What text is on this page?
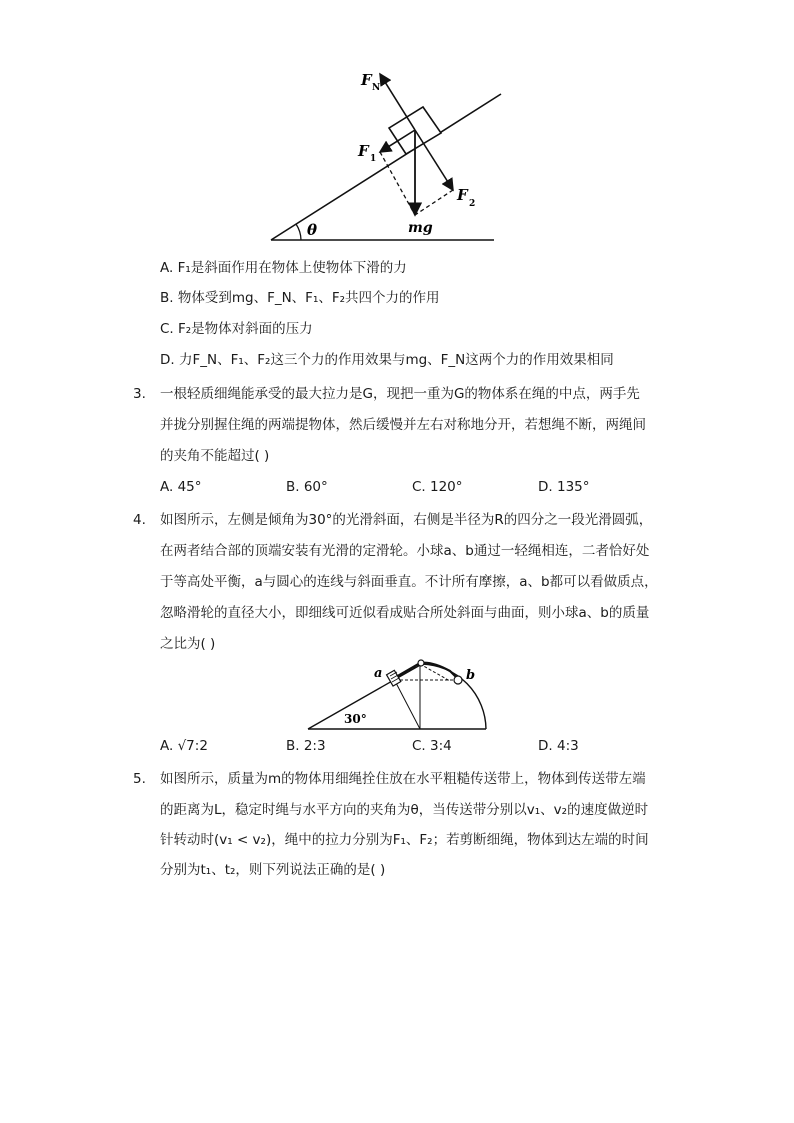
F N
F 1
F 2
mg
θ
A. F₁是斜面作用在物体上使物体下滑的力
B. 物体受到mg、F_N、F₁、F₂共四个力的作用
C. F₂是物体对斜面的压力
D. 力F_N、F₁、F₂这三个力的作用效果与mg、F_N这两个力的作用效果相同
3. 一根轻质细绳能承受的最大拉力是G，现把一重为G的物体系在绳的中点，两手先
并拢分别握住绳的两端提物体，然后缓慢并左右对称地分开，若想绳不断，两绳间
的夹角不能超过( )
A. 45°	B. 60°	C. 120°	D. 135°
4. 如图所示，左侧是倾角为30°的光滑斜面，右侧是半径为R的四分之一段光滑圆弧，
在两者结合部的顶端安装有光滑的定滑轮。小球a、b通过一轻绳相连，二者恰好处
于等高处平衡，a与圆心的连线与斜面垂直。不计所有摩擦，a、b都可以看做质点，
忽略滑轮的直径大小，即细线可近似看成贴合所处斜面与曲面，则小球a、b的质量
之比为( )
a	b
30°
A. √7:2	B. 2:3	C. 3:4	D. 4:3
5. 如图所示，质量为m的物体用细绳拴住放在水平粗糙传送带上，物体到传送带左端
的距离为L，稳定时绳与水平方向的夹角为θ，当传送带分别以v₁、v₂的速度做逆时
针转动时(v₁ < v₂)，绳中的拉力分别为F₁、F₂；若剪断细绳，物体到达左端的时间
分别为t₁、t₂，则下列说法正确的是( )
